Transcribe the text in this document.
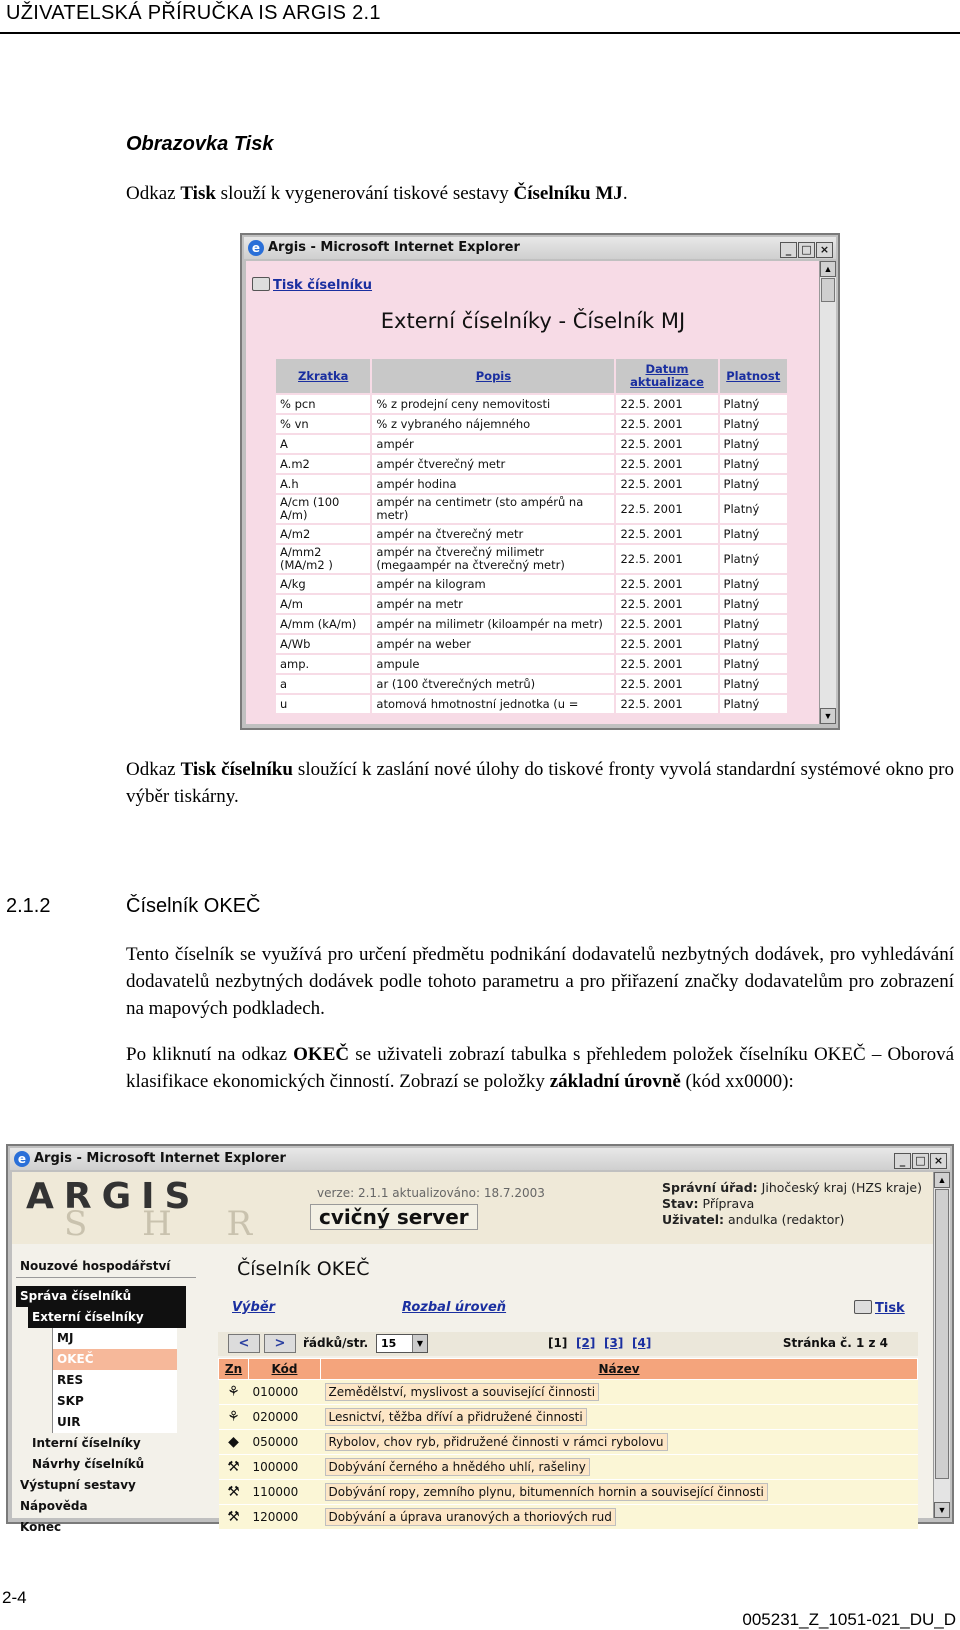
UŽIVATELSKÁ PŘÍRUČKA IS ARGIS 2.1
Obrazovka Tisk
Odkaz Tisk slouží k vygenerování tiskové sestavy Číselníku MJ.
e Argis - Microsoft Internet Explorer	_ □ ×
Tisk číselníku
Externí číselníky - Číselník MJ
Zkratka	Popis	Datum aktualizace	Platnost
% pcn	% z prodejní ceny nemovitosti	22.5. 2001	Platný
% vn	% z vybraného nájemného	22.5. 2001	Platný
A	ampér	22.5. 2001	Platný
A.m2	ampér čtverečný metr	22.5. 2001	Platný
A.h	ampér hodina	22.5. 2001	Platný
A/cm (100 A/m)	ampér na centimetr (sto ampérů na metr)	22.5. 2001	Platný
A/m2	ampér na čtverečný metr	22.5. 2001	Platný
A/mm2 (MA/m2 )	ampér na čtverečný milimetr (megaampér na čtverečný metr)	22.5. 2001	Platný
A/kg	ampér na kilogram	22.5. 2001	Platný
A/m	ampér na metr	22.5. 2001	Platný
A/mm (kA/m)	ampér na milimetr (kiloampér na metr)	22.5. 2001	Platný
A/Wb	ampér na weber	22.5. 2001	Platný
amp.	ampule	22.5. 2001	Platný
a	ar (100 čtverečných metrů)	22.5. 2001	Platný
u	atomová hmotnostní jednotka (u =	22.5. 2001	Platný
▲
▼
Odkaz Tisk číselníku sloužící k zaslání nové úlohy do tiskové fronty vyvolá standardní systémové okno pro výběr tiskárny.
2.1.2	Číselník OKEČ
Tento číselník se využívá pro určení předmětu podnikání dodavatelů nezbytných dodávek, pro vyhledávání dodavatelů nezbytných dodávek podle tohoto parametru a pro přiřazení značky dodavatelům pro zobrazení na mapových podkladech.
Po kliknutí na odkaz OKEČ se uživateli zobrazí tabulka s přehledem položek číselníku OKEČ – Oborová klasifikace ekonomických činností. Zobrazí se položky základní úrovně (kód xx0000):
e Argis - Microsoft Internet Explorer	_ □ ×
S H R
ARGIS	verze: 2.1.1 aktualizováno: 18.7.2003
cvičný server
Správní úřad: Jihočeský kraj (HZS kraje)
Stav: Příprava
Uživatel: andulka (redaktor)
Nouzové hospodářství
Správa číselníků
Externí číselníky
MJ
OKEČ
RES
SKP
UIR
Interní číselníky
Návrhy číselníků
Výstupní sestavy
Nápověda
Konec
Číselník OKEČ
Výběr	Rozbal úroveň	Tisk
<	>	řádků/str.	15	▼	[1] [2] [3] [4]	Stránka č. 1 z 4
Zn	Kód	Název
⚘	010000	Zemědělství, myslivost a související činnosti
⚘	020000	Lesnictví, těžba dříví a přidružené činnosti
◆	050000	Rybolov, chov ryb, přidružené činnosti v rámci rybolovu
⚒	100000	Dobývání černého a hnědého uhlí, rašeliny
⚒	110000	Dobývání ropy, zemního plynu, bitumenních hornin a související činnosti
⚒	120000	Dobývání a úprava uranových a thoriových rud
▲
▼
2-4
005231_Z_1051-021_DU_D
